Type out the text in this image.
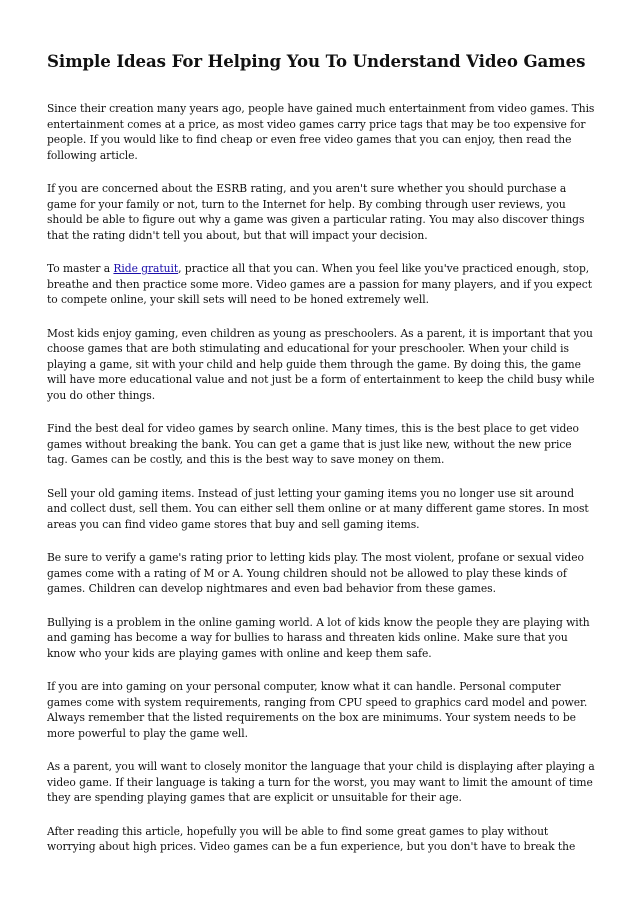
Simple Ideas For Helping You To Understand Video Games

Since their creation many years ago, people have gained much entertainment from video games. This entertainment comes at a price, as most video games carry price tags that may be too expensive for people. If you would like to find cheap or even free video games that you can enjoy, then read the following article.

If you are concerned about the ESRB rating, and you aren't sure whether you should purchase a game for your family or not, turn to the Internet for help. By combing through user reviews, you should be able to figure out why a game was given a particular rating. You may also discover things that the rating didn't tell you about, but that will impact your decision.

To master a Ride gratuit, practice all that you can. When you feel like you've practiced enough, stop, breathe and then practice some more. Video games are a passion for many players, and if you expect to compete online, your skill sets will need to be honed extremely well.

Most kids enjoy gaming, even children as young as preschoolers. As a parent, it is important that you choose games that are both stimulating and educational for your preschooler. When your child is playing a game, sit with your child and help guide them through the game. By doing this, the game will have more educational value and not just be a form of entertainment to keep the child busy while you do other things.

Find the best deal for video games by search online. Many times, this is the best place to get video games without breaking the bank. You can get a game that is just like new, without the new price tag. Games can be costly, and this is the best way to save money on them.

Sell your old gaming items. Instead of just letting your gaming items you no longer use sit around and collect dust, sell them. You can either sell them online or at many different game stores. In most areas you can find video game stores that buy and sell gaming items.

Be sure to verify a game's rating prior to letting kids play. The most violent, profane or sexual video games come with a rating of M or A. Young children should not be allowed to play these kinds of games. Children can develop nightmares and even bad behavior from these games.

Bullying is a problem in the online gaming world. A lot of kids know the people they are playing with and gaming has become a way for bullies to harass and threaten kids online. Make sure that you know who your kids are playing games with online and keep them safe.

If you are into gaming on your personal computer, know what it can handle. Personal computer games come with system requirements, ranging from CPU speed to graphics card model and power. Always remember that the listed requirements on the box are minimums. Your system needs to be more powerful to play the game well.

As a parent, you will want to closely monitor the language that your child is displaying after playing a video game. If their language is taking a turn for the worst, you may want to limit the amount of time they are spending playing games that are explicit or unsuitable for their age.

After reading this article, hopefully you will be able to find some great games to play without worrying about high prices. Video games can be a fun experience, but you don't have to break the
